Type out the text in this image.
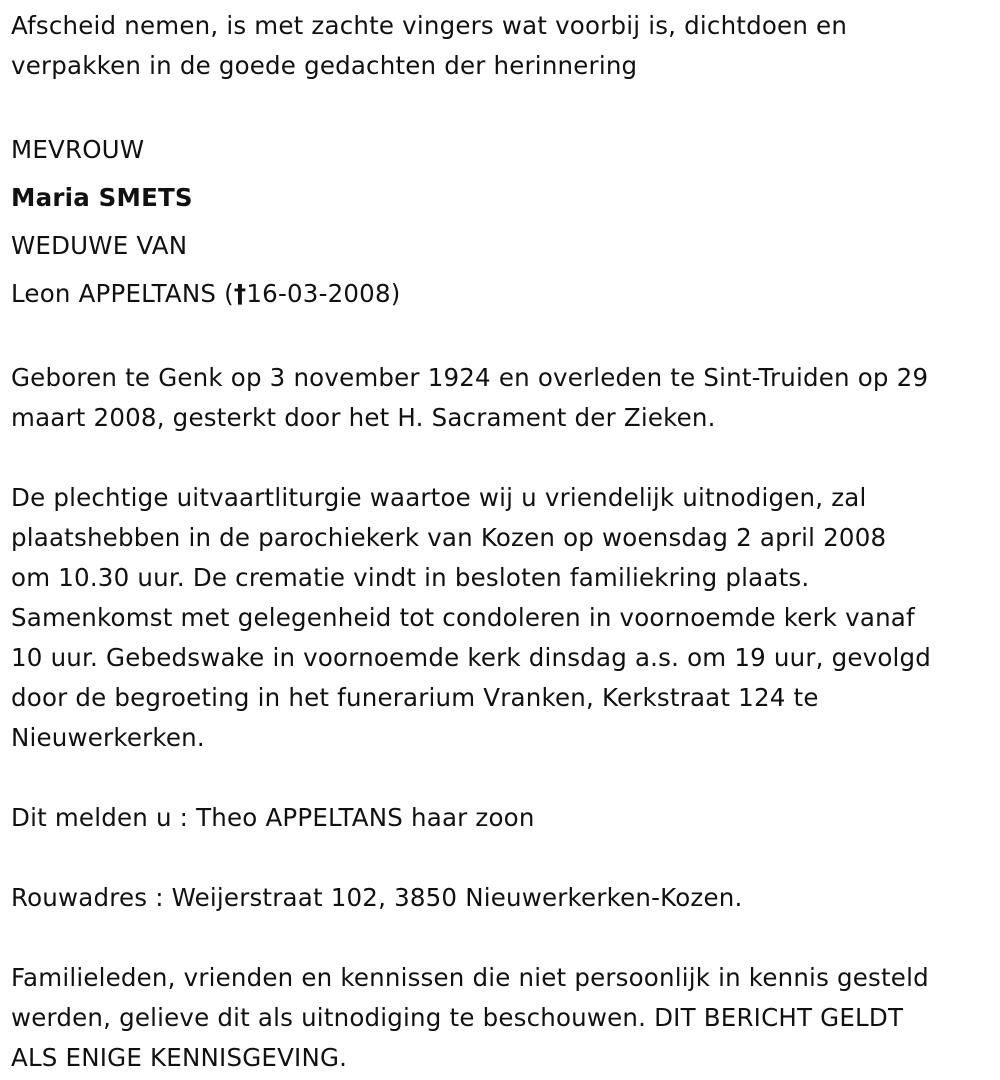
Afscheid nemen, is met zachte vingers wat voorbij is, dichtdoen en

verpakken in de goede gedachten der herinnering

MEVROUW

Maria SMETS

WEDUWE VAN

Leon APPELTANS (†16-03-2008)

Geboren te Genk op 3 november 1924 en overleden te Sint-Truiden op 29

maart 2008, gesterkt door het H. Sacrament der Zieken.

De plechtige uitvaartliturgie waartoe wij u vriendelijk uitnodigen, zal

plaatshebben in de parochiekerk van Kozen op woensdag 2 april 2008

om 10.30 uur. De crematie vindt in besloten familiekring plaats.

Samenkomst met gelegenheid tot condoleren in voornoemde kerk vanaf

10 uur. Gebedswake in voornoemde kerk dinsdag a.s. om 19 uur, gevolgd

door de begroeting in het funerarium Vranken, Kerkstraat 124 te

Nieuwerkerken.

Dit melden u : Theo APPELTANS haar zoon

Rouwadres : Weijerstraat 102, 3850 Nieuwerkerken-Kozen.

Familieleden, vrienden en kennissen die niet persoonlijk in kennis gesteld

werden, gelieve dit als uitnodiging te beschouwen. DIT BERICHT GELDT

ALS ENIGE KENNISGEVING.
